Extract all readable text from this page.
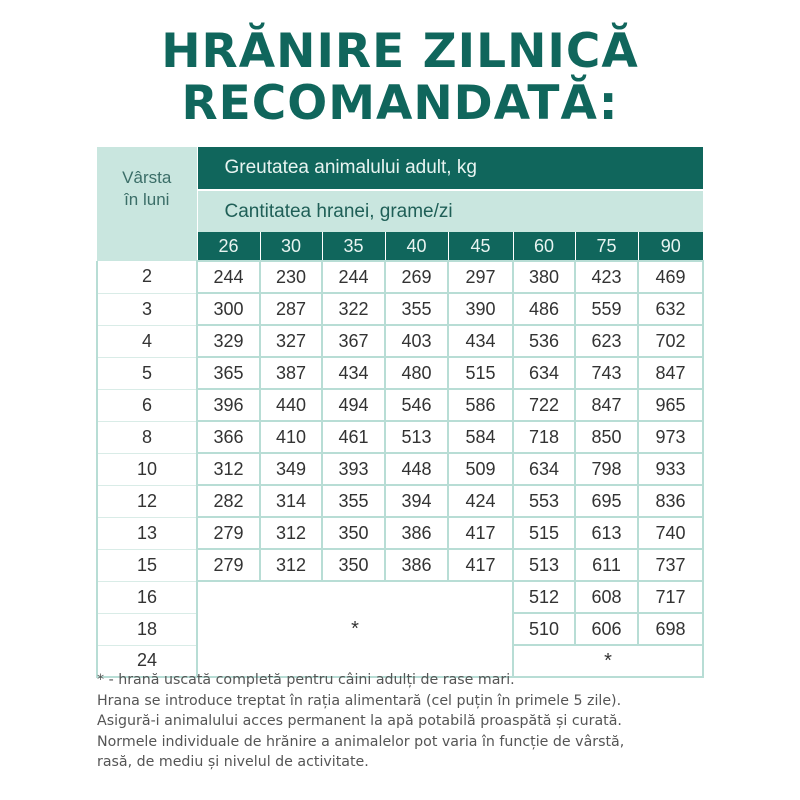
HRĂNIRE ZILNICĂ
RECOMANDATĂ:
Vârsta
în luni	Greutatea animalului adult, kg							
	Cantitatea hranei, grame/zi							
	26	30	35	40	45	60	75	90
2	244	230	244	269	297	380	423	469
3	300	287	322	355	390	486	559	632
4	329	327	367	403	434	536	623	702
5	365	387	434	480	515	634	743	847
6	396	440	494	546	586	722	847	965
8	366	410	461	513	584	718	850	973
10	312	349	393	448	509	634	798	933
12	282	314	355	394	424	553	695	836
13	279	312	350	386	417	515	613	740
15	279	312	350	386	417	513	611	737
16	*					512	608	717
18						510	606	698
24						*		
* - hrană uscată completă pentru câini adulți de rase mari.
Hrana se introduce treptat în rația alimentară (cel puțin în primele 5 zile).
Asigură-i animalului acces permanent la apă potabilă proaspătă și curată.
Normele individuale de hrănire a animalelor pot varia în funcție de vârstă,
rasă, de mediu și nivelul de activitate.
